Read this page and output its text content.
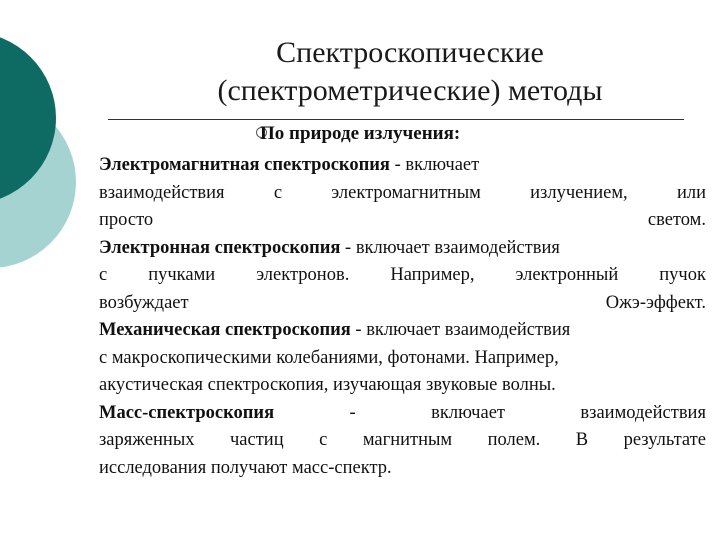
Спектроскопические
(спектрометрические) методы
По природе излучения:
Электромагнитная спектроскопия - включает
взаимодействия	с	электромагнитным	излучением,	или
просто	светом.
Электронная спектроскопия - включает взаимодействия
с пучками электронов. Например, электронный пучок
возбуждает	Ожэ-эффект.
Механическая спектроскопия - включает взаимодействия
с макроскопическими колебаниями, фотонами. Например,
акустическая спектроскопия, изучающая звуковые волны.
Масс-спектроскопия	-	включает	взаимодействия
заряженных частиц с магнитным полем. В результате
исследования получают масс-спектр.
